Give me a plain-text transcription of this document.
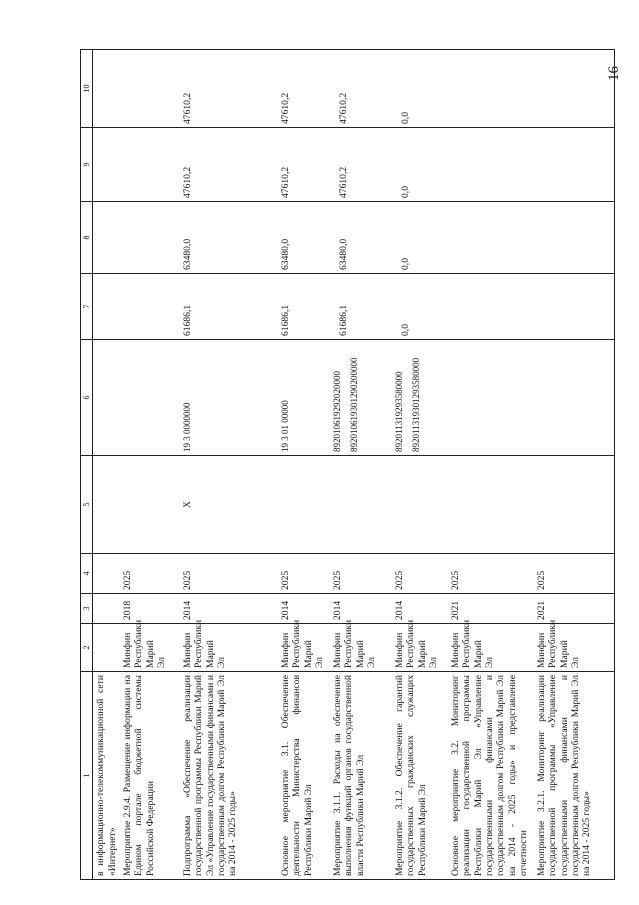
16
1	2	3	4	5	6	7	8	9	10
в информационно-телекоммуникационной сети «Интернет»									
Мероприятие 2.9.4. Размещение информации на Едином портале бюджетной системы Российской Федерации	Минфин Республики Марий Эл	2018	2025						
Подпрограмма «Обеспечение реализации государственной программы Республики Марий Эл «Управление государственными финансами и государственным долгом Республики Марий Эл на 2014 - 2025 годы»	Минфин Республики Марий Эл	2014	2025	Х	19 3 0000000	61686,1	63480,0	47610,2	47610,2

Основное мероприятие 3.1. Обеспечение деятельности Министерства финансов Республики Марий Эл	Минфин Республики Марий Эл	2014	2025		19 3 01 00000	61686,1	63480,0	47610,2	47610,2

Мероприятие 3.1.1. Расходы на обеспечение выполнения функций органов государственной власти Республики Марий Эл	Минфин Республики Марий Эл	2014	2025		892010619292020000 892010619301290200000	61686,1	63480,0	47610,2	47610,2

Мероприятие 3.1.2. Обеспечение гарантий государственных гражданских служащих Республики Марий Эл	Минфин Республики Марий Эл	2014	2025		892011319293580000 892011319301293580000	0,0	0,0	0,0	0,0

Основное мероприятие 3.2. Мониторинг реализации государственной программы Республики Марий Эл «Управление государственными финансами и государственным долгом Республики Марий Эл на 2014 - 2025 годы» и представление отчетности	Минфин Республики Марий Эл	2021	2025						
Мероприятие 3.2.1. Мониторинг реализации государственной программы «Управление государственными финансами и государственным долгом Республики Марий Эл на 2014 - 2025 годы»	Минфин Республики Марий Эл	2021	2025						
